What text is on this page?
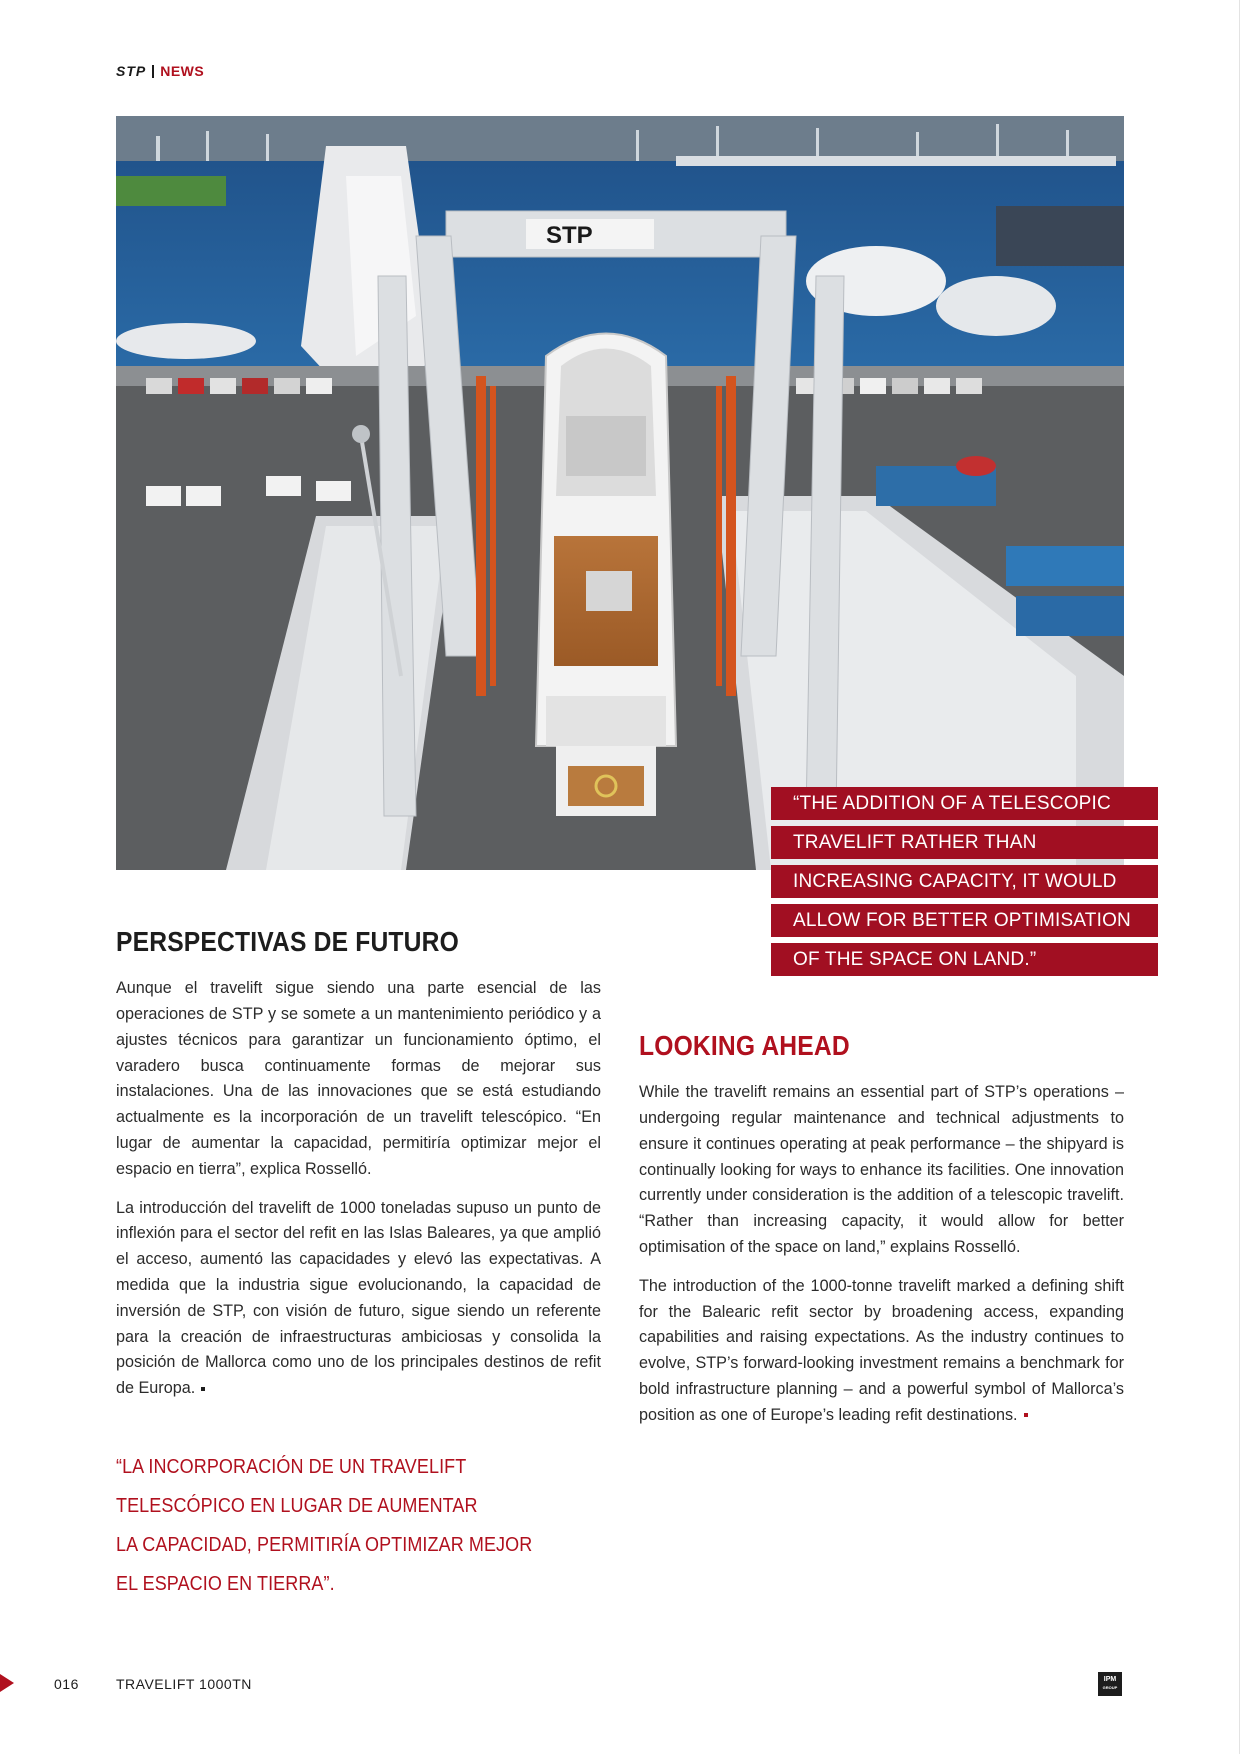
STP NEWS
STP
“THE ADDITION OF A TELESCOPIC
TRAVELIFT RATHER THAN
INCREASING CAPACITY, IT WOULD
ALLOW FOR BETTER OPTIMISATION
OF THE SPACE ON LAND.”
PERSPECTIVAS DE FUTURO

Aunque el travelift sigue siendo una parte esencial de las operaciones de STP y se somete a un mantenimiento periódico y a ajustes técnicos para garantizar un funcionamiento óptimo, el varadero busca continuamente formas de mejorar sus instalaciones. Una de las innovaciones que se está estudiando actualmente es la incorporación de un travelift telescópico. “En lugar de aumentar la capacidad, permitiría optimizar mejor el espacio en tierra”, explica Rosselló.

La introducción del travelift de 1000 toneladas supuso un punto de inflexión para el sector del refit en las Islas Baleares, ya que amplió el acceso, aumentó las capacidades y elevó las expectativas. A medida que la industria sigue evolucionando, la capacidad de inversión de STP, con visión de futuro, sigue siendo un referente para la creación de infraestructuras ambiciosas y consolida la posición de Mallorca como uno de los principales destinos de refit de Europa.

“LA INCORPORACIÓN DE UN TRAVELIFT
TELESCÓPICO EN LUGAR DE AUMENTAR
LA CAPACIDAD, PERMITIRÍA OPTIMIZAR MEJOR
EL ESPACIO EN TIERRA”.
LOOKING AHEAD

While the travelift remains an essential part of STP’s operations – undergoing regular maintenance and technical adjustments to ensure it continues operating at peak performance – the shipyard is continually looking for ways to enhance its facilities. One innovation currently under consideration is the addition of a telescopic travelift. “Rather than increasing capacity, it would allow for better optimisation of the space on land,” explains Rosselló.

The introduction of the 1000-tonne travelift marked a defining shift for the Balearic refit sector by broadening access, expanding capabilities and raising expectations. As the industry continues to evolve, STP’s forward-looking investment remains a benchmark for bold infrastructure planning – and a powerful symbol of Mallorca’s position as one of Europe’s leading refit destinations.

016	TRAVELIFT 1000TN	IPM
GROUP
